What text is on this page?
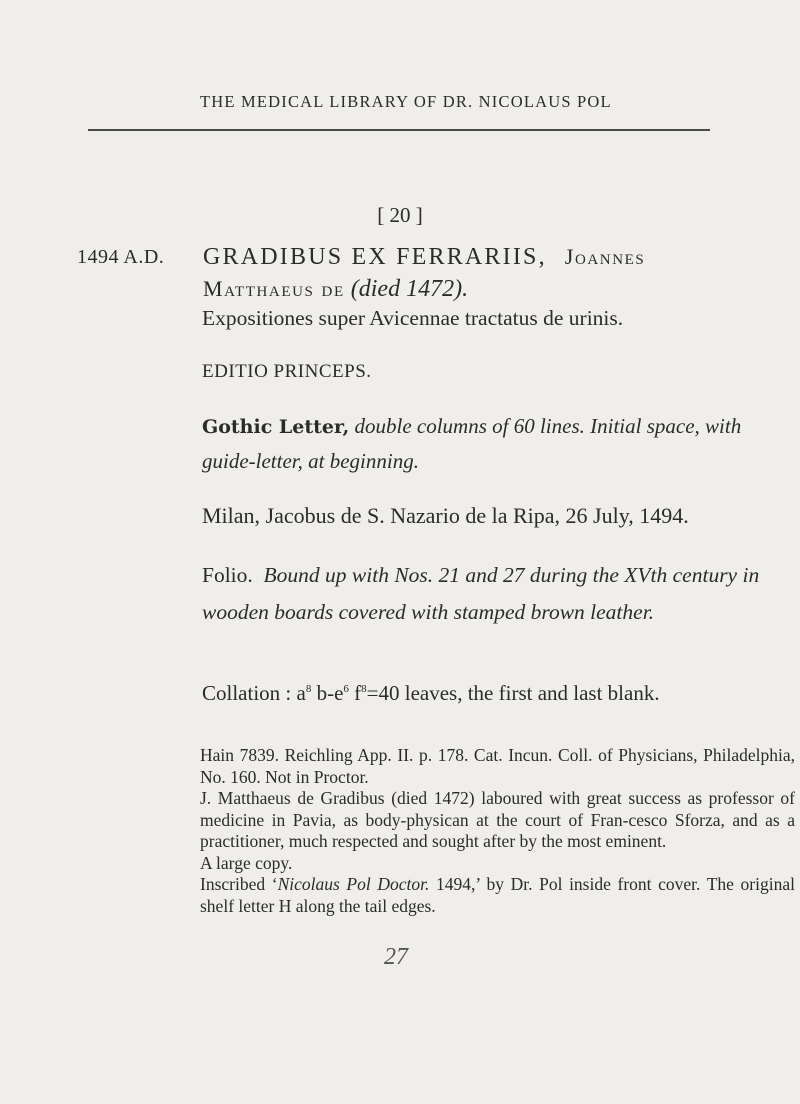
THE MEDICAL LIBRARY OF DR. NICOLAUS POL
[ 20 ]
1494 A.D. GRADIBUS EX FERRARIIS, Joannes
Matthaeus de (died 1472).
Expositiones super Avicennae tractatus de urinis.
EDITIO PRINCEPS.
Gothic Letter, double columns of 60 lines. Initial space, with guide-letter, at beginning.
Milan, Jacobus de S. Nazario de la Ripa, 26 July, 1494.
Folio. Bound up with Nos. 21 and 27 during the XVth century in wooden boards covered with stamped brown leather.
Collation : $a^8$ $b-e^6$ $f^8=40$ leaves, the first and last blank.

Hain 7839. Reichling App. II. p. 178. Cat. Incun. Coll. of Physicians, Philadelphia, No. 160. Not in Proctor.

J. Matthaeus de Gradibus (died 1472) laboured with great success as professor of medicine in Pavia, as body-physican at the court of Fran-cesco Sforza, and as a practitioner, much respected and sought after by the most eminent.

A large copy.

Inscribed ‘Nicolaus Pol Doctor. 1494,’ by Dr. Pol inside front cover. The original shelf letter H along the tail edges.

27
